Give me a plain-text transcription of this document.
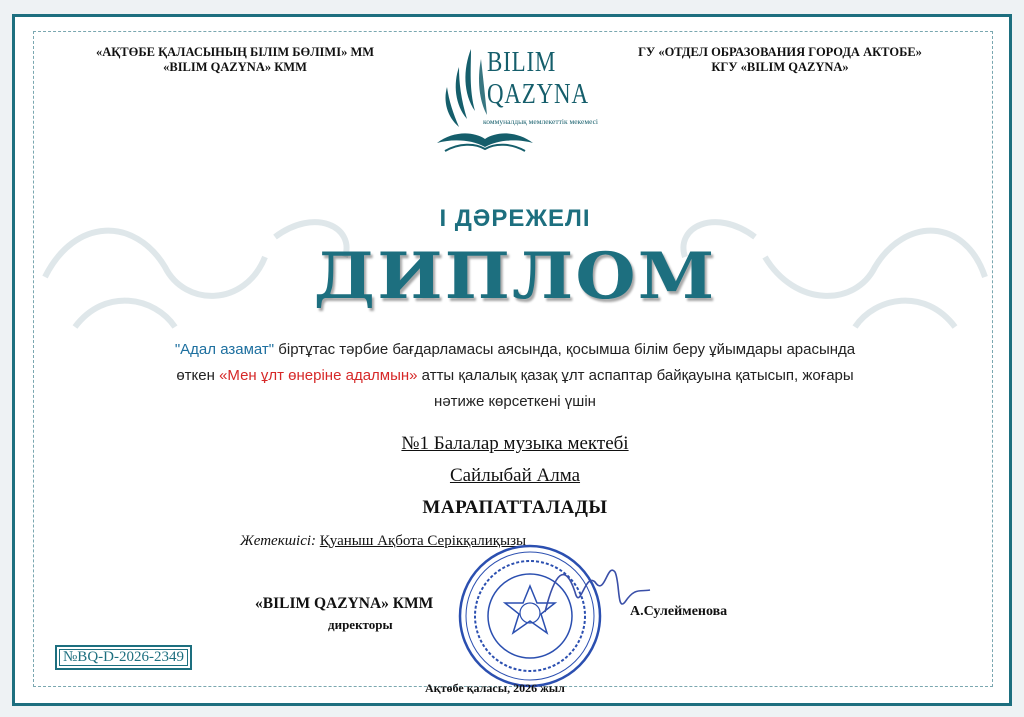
«АҚТӨБЕ ҚАЛАСЫНЫҢ БІЛІМ БӨЛІМІ» ММ
«BILIM QAZYNA» КММ
ГУ «ОТДЕЛ ОБРАЗОВАНИЯ ГОРОДА АКТОБЕ»
КГУ «BILIM QAZYNA»
BILIM
QAZYNA
коммуналдық мемлекеттік мекемесі
I ДӘРЕЖЕЛІ
ДИПЛОМ
"Адал азамат" біртұтас тәрбие бағдарламасы аясында, қосымша білім беру ұйымдары арасында өткен «Мен ұлт өнеріне адалмын» атты қалалық қазақ ұлт аспаптар байқауына қатысып, жоғары нәтиже көрсеткені үшін
№1 Балалар музыка мектебі
Сайлыбай Алма
МАРАПАТТАЛАДЫ
Жетекшісі: Қуаныш Ақбота Серікқалиқызы
«BILIM QAZYNA» КММ
директоры
А.Сулейменова
№BQ-D-2026-2349
Ақтөбе қаласы, 2026 жыл
